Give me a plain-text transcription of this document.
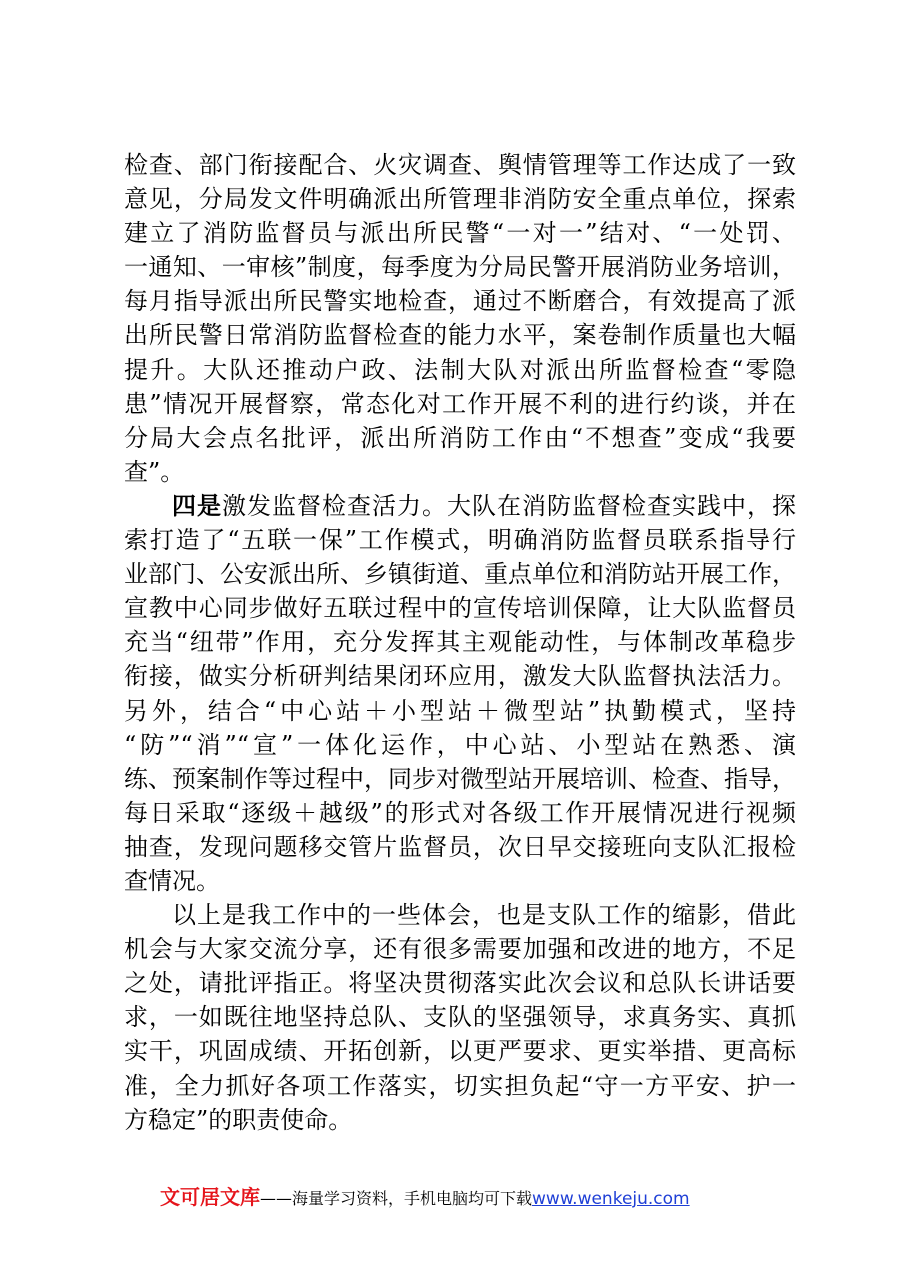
检查、部门衔接配合、火灾调查、舆情管理等工作达成了一致
意见，分局发文件明确派出所管理非消防安全重点单位，探索
建立了消防监督员与派出所民警“一对一”结对、“一处罚、
一通知、一审核”制度，每季度为分局民警开展消防业务培训，
每月指导派出所民警实地检查，通过不断磨合，有效提高了派
出所民警日常消防监督检查的能力水平，案卷制作质量也大幅
提升。大队还推动户政、法制大队对派出所监督检查“零隐
患”情况开展督察，常态化对工作开展不利的进行约谈，并在
分局大会点名批评，派出所消防工作由“不想查”变成“我要
查”。
四是激发监督检查活力。大队在消防监督检查实践中，探
索打造了“五联一保”工作模式，明确消防监督员联系指导行
业部门、公安派出所、乡镇街道、重点单位和消防站开展工作，
宣教中心同步做好五联过程中的宣传培训保障，让大队监督员
充当“纽带”作用，充分发挥其主观能动性，与体制改革稳步
衔接，做实分析研判结果闭环应用，激发大队监督执法活力。
另外，结合“中心站＋小型站＋微型站”执勤模式，坚持
“防”“消”“宣”一体化运作，中心站、小型站在熟悉、演
练、预案制作等过程中，同步对微型站开展培训、检查、指导，
每日采取“逐级＋越级”的形式对各级工作开展情况进行视频
抽查，发现问题移交管片监督员，次日早交接班向支队汇报检
查情况。
以上是我工作中的一些体会，也是支队工作的缩影，借此
机会与大家交流分享，还有很多需要加强和改进的地方，不足
之处，请批评指正。将坚决贯彻落实此次会议和总队长讲话要
求，一如既往地坚持总队、支队的坚强领导，求真务实、真抓
实干，巩固成绩、开拓创新，以更严要求、更实举措、更高标
准，全力抓好各项工作落实，切实担负起“守一方平安、护一
方稳定”的职责使命。
文可居文库——海量学习资料，手机电脑均可下载www.wenkeju.com
